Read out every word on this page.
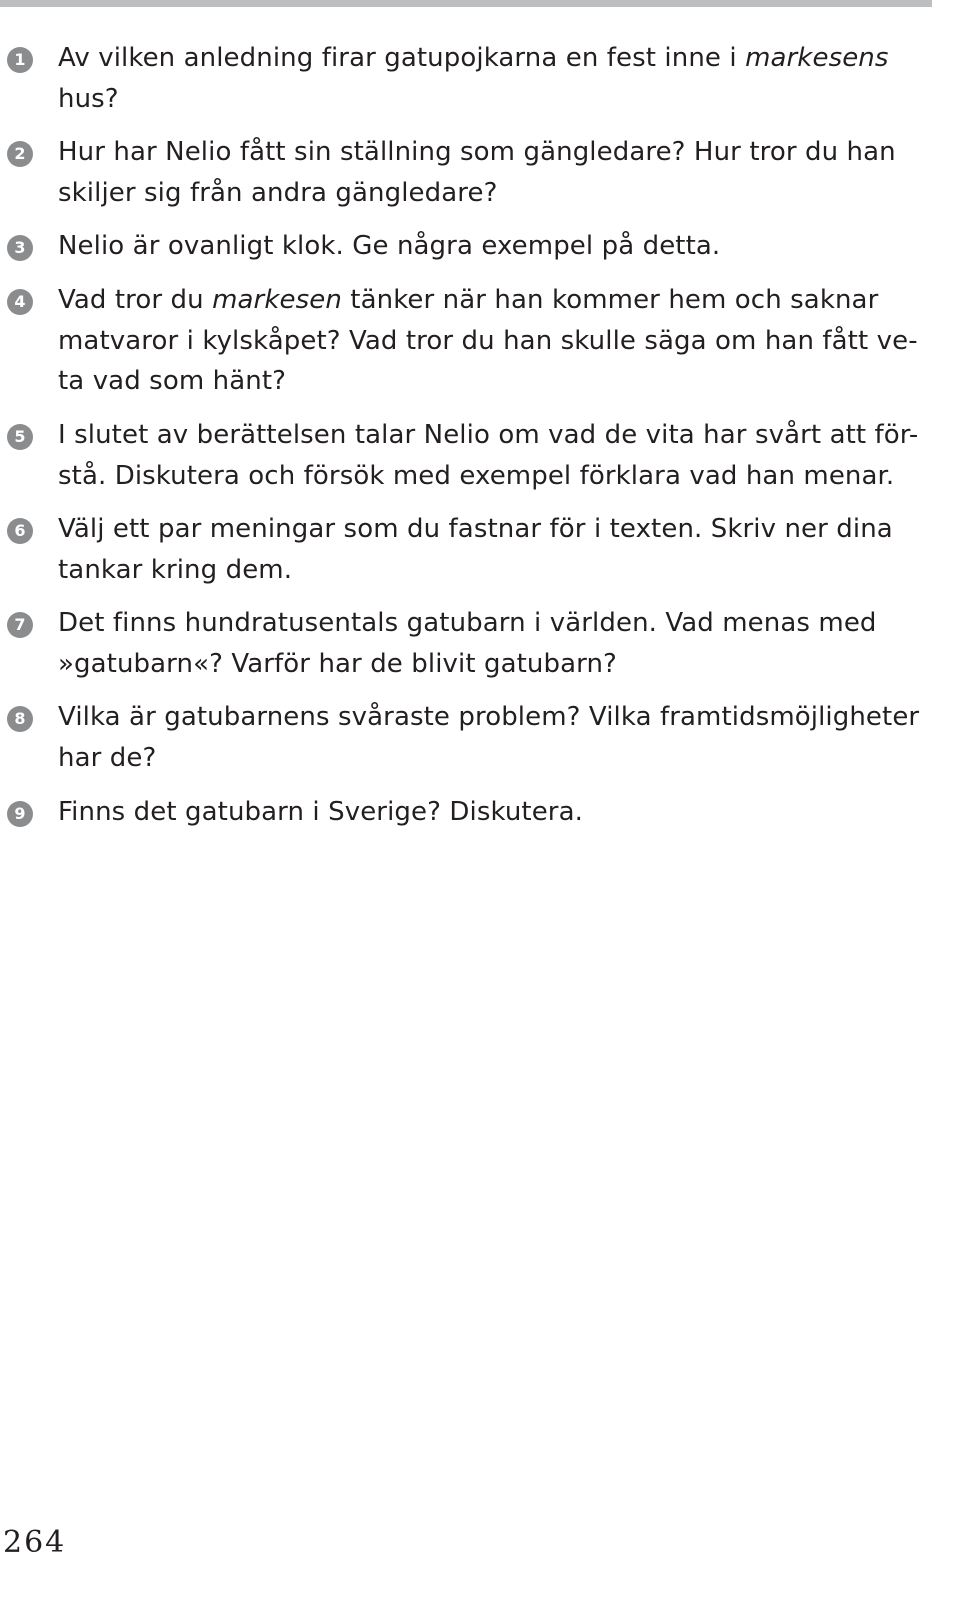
1 Av vilken anledning firar gatupojkarna en fest inne i markesens
hus?

2 Hur har Nelio fått sin ställning som gängledare? Hur tror du han
skiljer sig från andra gängledare?

3 Nelio är ovanligt klok. Ge några exempel på detta.

4 Vad tror du markesen tänker när han kommer hem och saknar
matvaror i kylskåpet? Vad tror du han skulle säga om han fått ve-
ta vad som hänt?

5 I slutet av berättelsen talar Nelio om vad de vita har svårt att för-
stå. Diskutera och försök med exempel förklara vad han menar.

6 Välj ett par meningar som du fastnar för i texten. Skriv ner dina
tankar kring dem.

7 Det finns hundratusentals gatubarn i världen. Vad menas med
»gatubarn«? Varför har de blivit gatubarn?

8 Vilka är gatubarnens svåraste problem? Vilka framtidsmöjligheter
har de?

9 Finns det gatubarn i Sverige? Diskutera.

264
